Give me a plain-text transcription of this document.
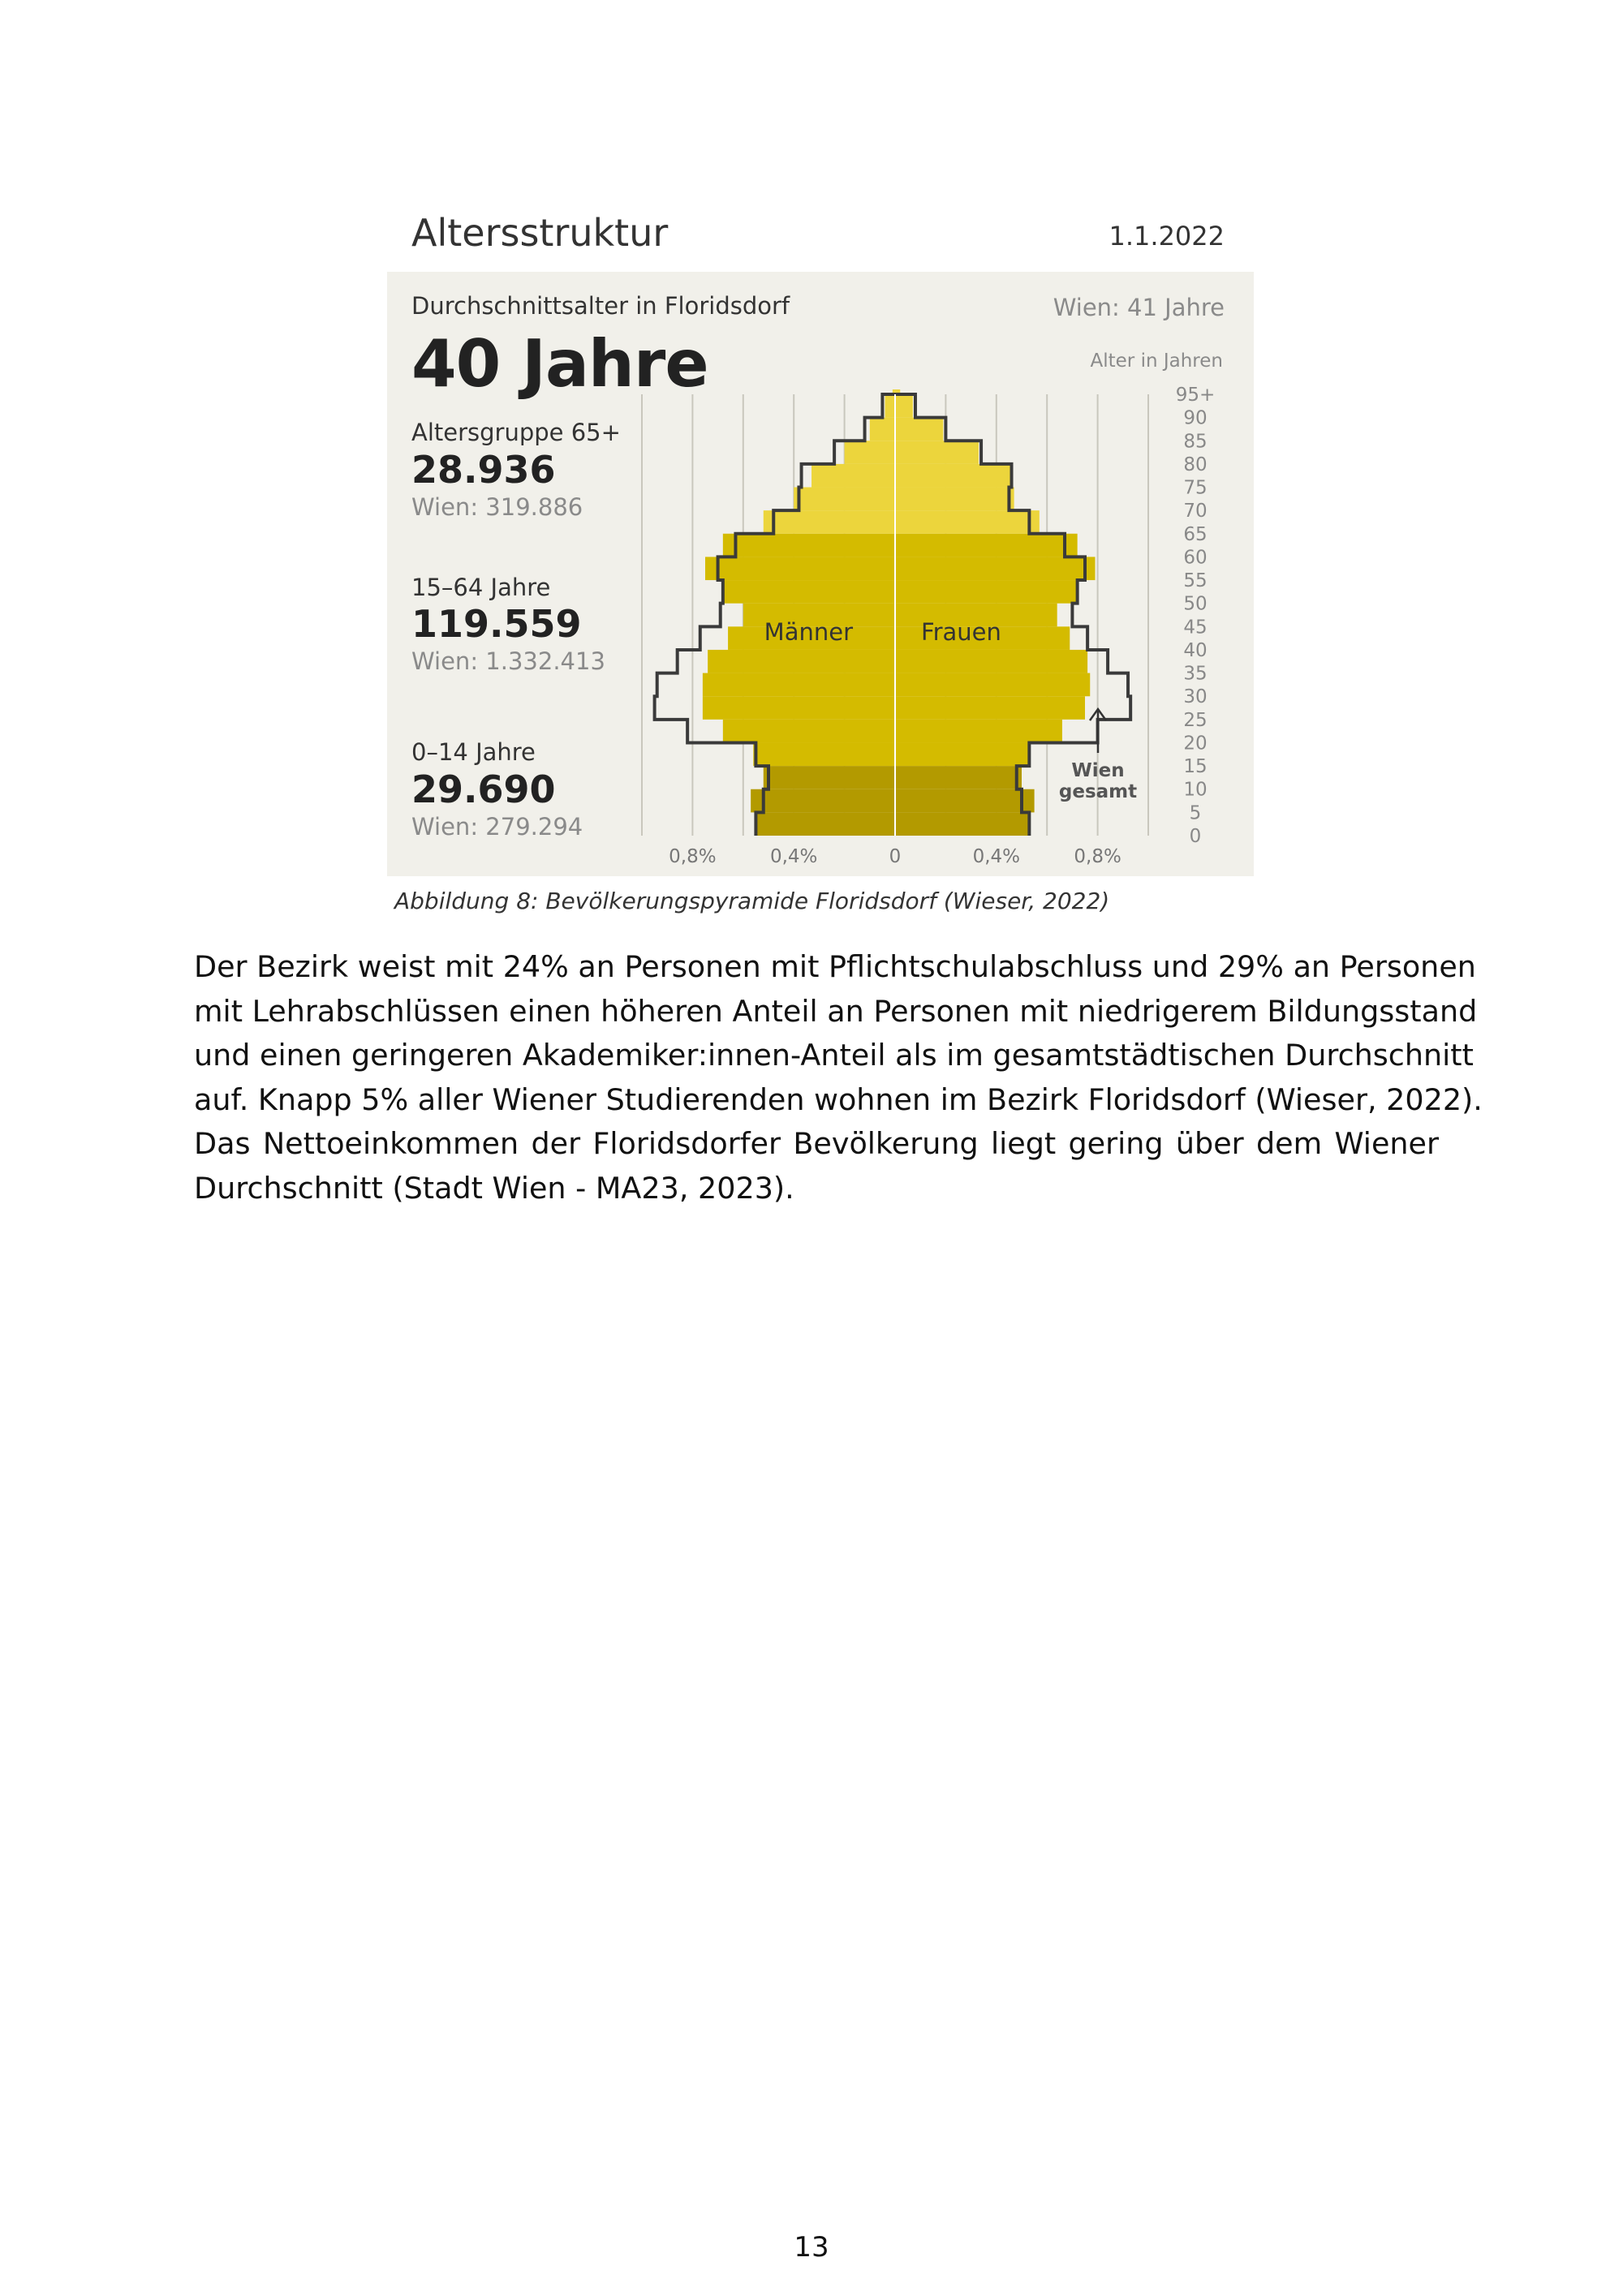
Altersstruktur	1.1.2022
Durchschnittsalter in Floridsdorf
40 Jahre
Wien: 41 Jahre
Alter in Jahren
Altersgruppe 65+
28.936
Wien: 319.886
15–64 Jahre
119.559
Wien: 1.332.413
0–14 Jahre
29.690
Wien: 279.294
Männer	Frauen
Wien
gesamt
0,8%	0,4%	0	0,4%	0,8%
95+
90
85
80
75
70
65
60
55
50
45
40
35
30
25
20
15
10
5
0
Abbildung 8: Bevölkerungspyramide Floridsdorf (Wieser, 2022)
Der Bezirk weist mit 24% an Personen mit Pflichtschulabschluss und 29% an Personen
mit Lehrabschlüssen einen höheren Anteil an Personen mit niedrigerem Bildungsstand
und einen geringeren Akademiker:innen-Anteil als im gesamtstädtischen Durchschnitt
auf. Knapp 5% aller Wiener Studierenden wohnen im Bezirk Floridsdorf (Wieser, 2022).
Das Nettoeinkommen der Floridsdorfer Bevölkerung liegt gering über dem Wiener
Durchschnitt (Stadt Wien - MA23, 2023).
13
